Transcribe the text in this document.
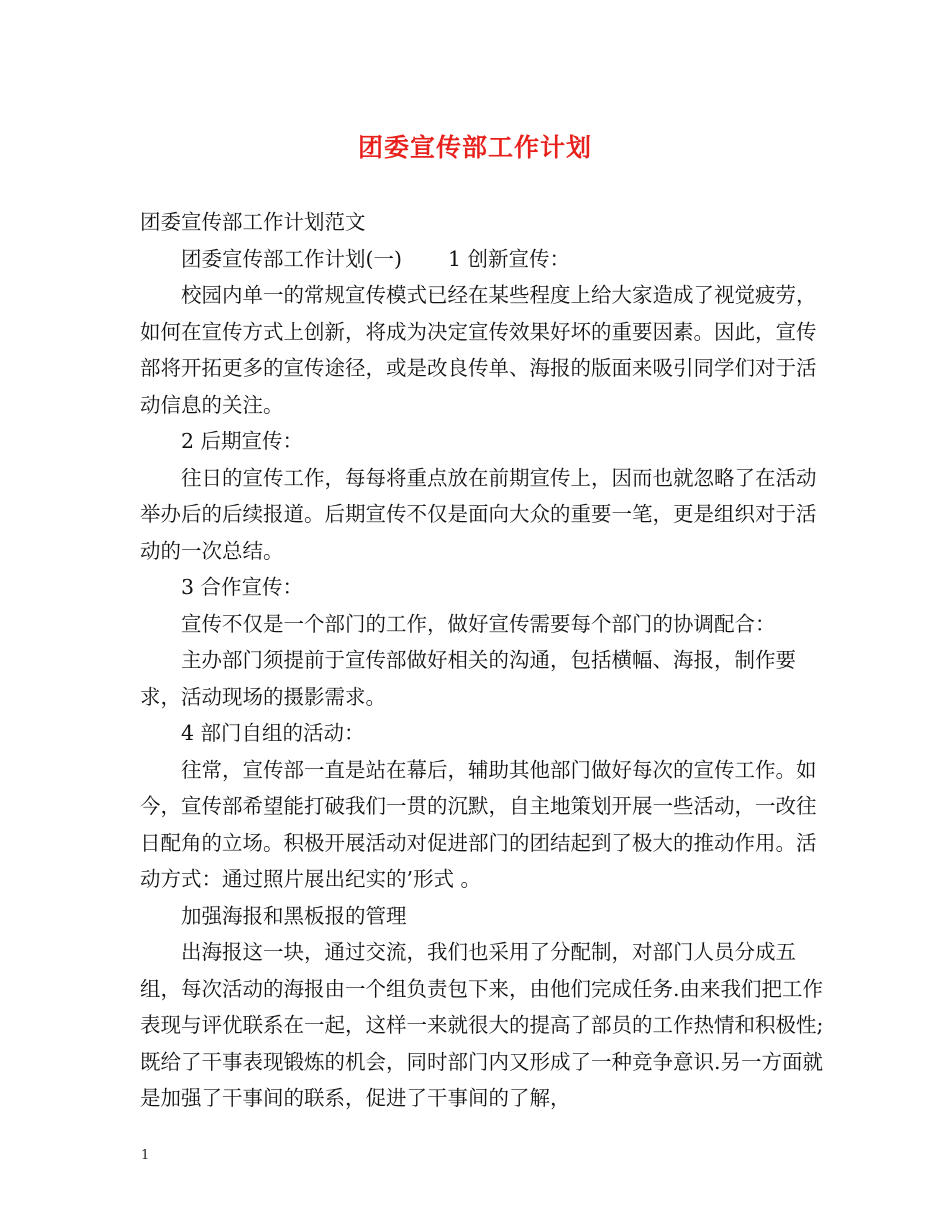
团委宣传部工作计划

团委宣传部工作计划范文

团委宣传部工作计划(一) 1 创新宣传：

校园内单一的常规宣传模式已经在某些程度上给大家造成了视觉疲劳，如何在宣传方式上创新，将成为决定宣传效果好坏的重要因素。因此，宣传部将开拓更多的宣传途径，或是改良传单、海报的版面来吸引同学们对于活动信息的关注。

2 后期宣传：

往日的宣传工作，每每将重点放在前期宣传上，因而也就忽略了在活动举办后的后续报道。后期宣传不仅是面向大众的重要一笔，更是组织对于活动的一次总结。

3 合作宣传：

宣传不仅是一个部门的工作，做好宣传需要每个部门的协调配合：

主办部门须提前于宣传部做好相关的沟通，包括横幅、海报，制作要求，活动现场的摄影需求。

4 部门自组的活动：

往常，宣传部一直是站在幕后，辅助其他部门做好每次的宣传工作。如今，宣传部希望能打破我们一贯的沉默，自主地策划开展一些活动，一改往日配角的立场。积极开展活动对促进部门的团结起到了极大的推动作用。活动方式：通过照片展出纪实的’形式 。

加强海报和黑板报的管理

出海报这一块，通过交流，我们也采用了分配制，对部门人员分成五组，每次活动的海报由一个组负责包下来，由他们完成任务.由来我们把工作表现与评优联系在一起，这样一来就很大的提高了部员的工作热情和积极性;既给了干事表现锻炼的机会，同时部门内又形成了一种竞争意识.另一方面就是加强了干事间的联系，促进了干事间的了解，

1
